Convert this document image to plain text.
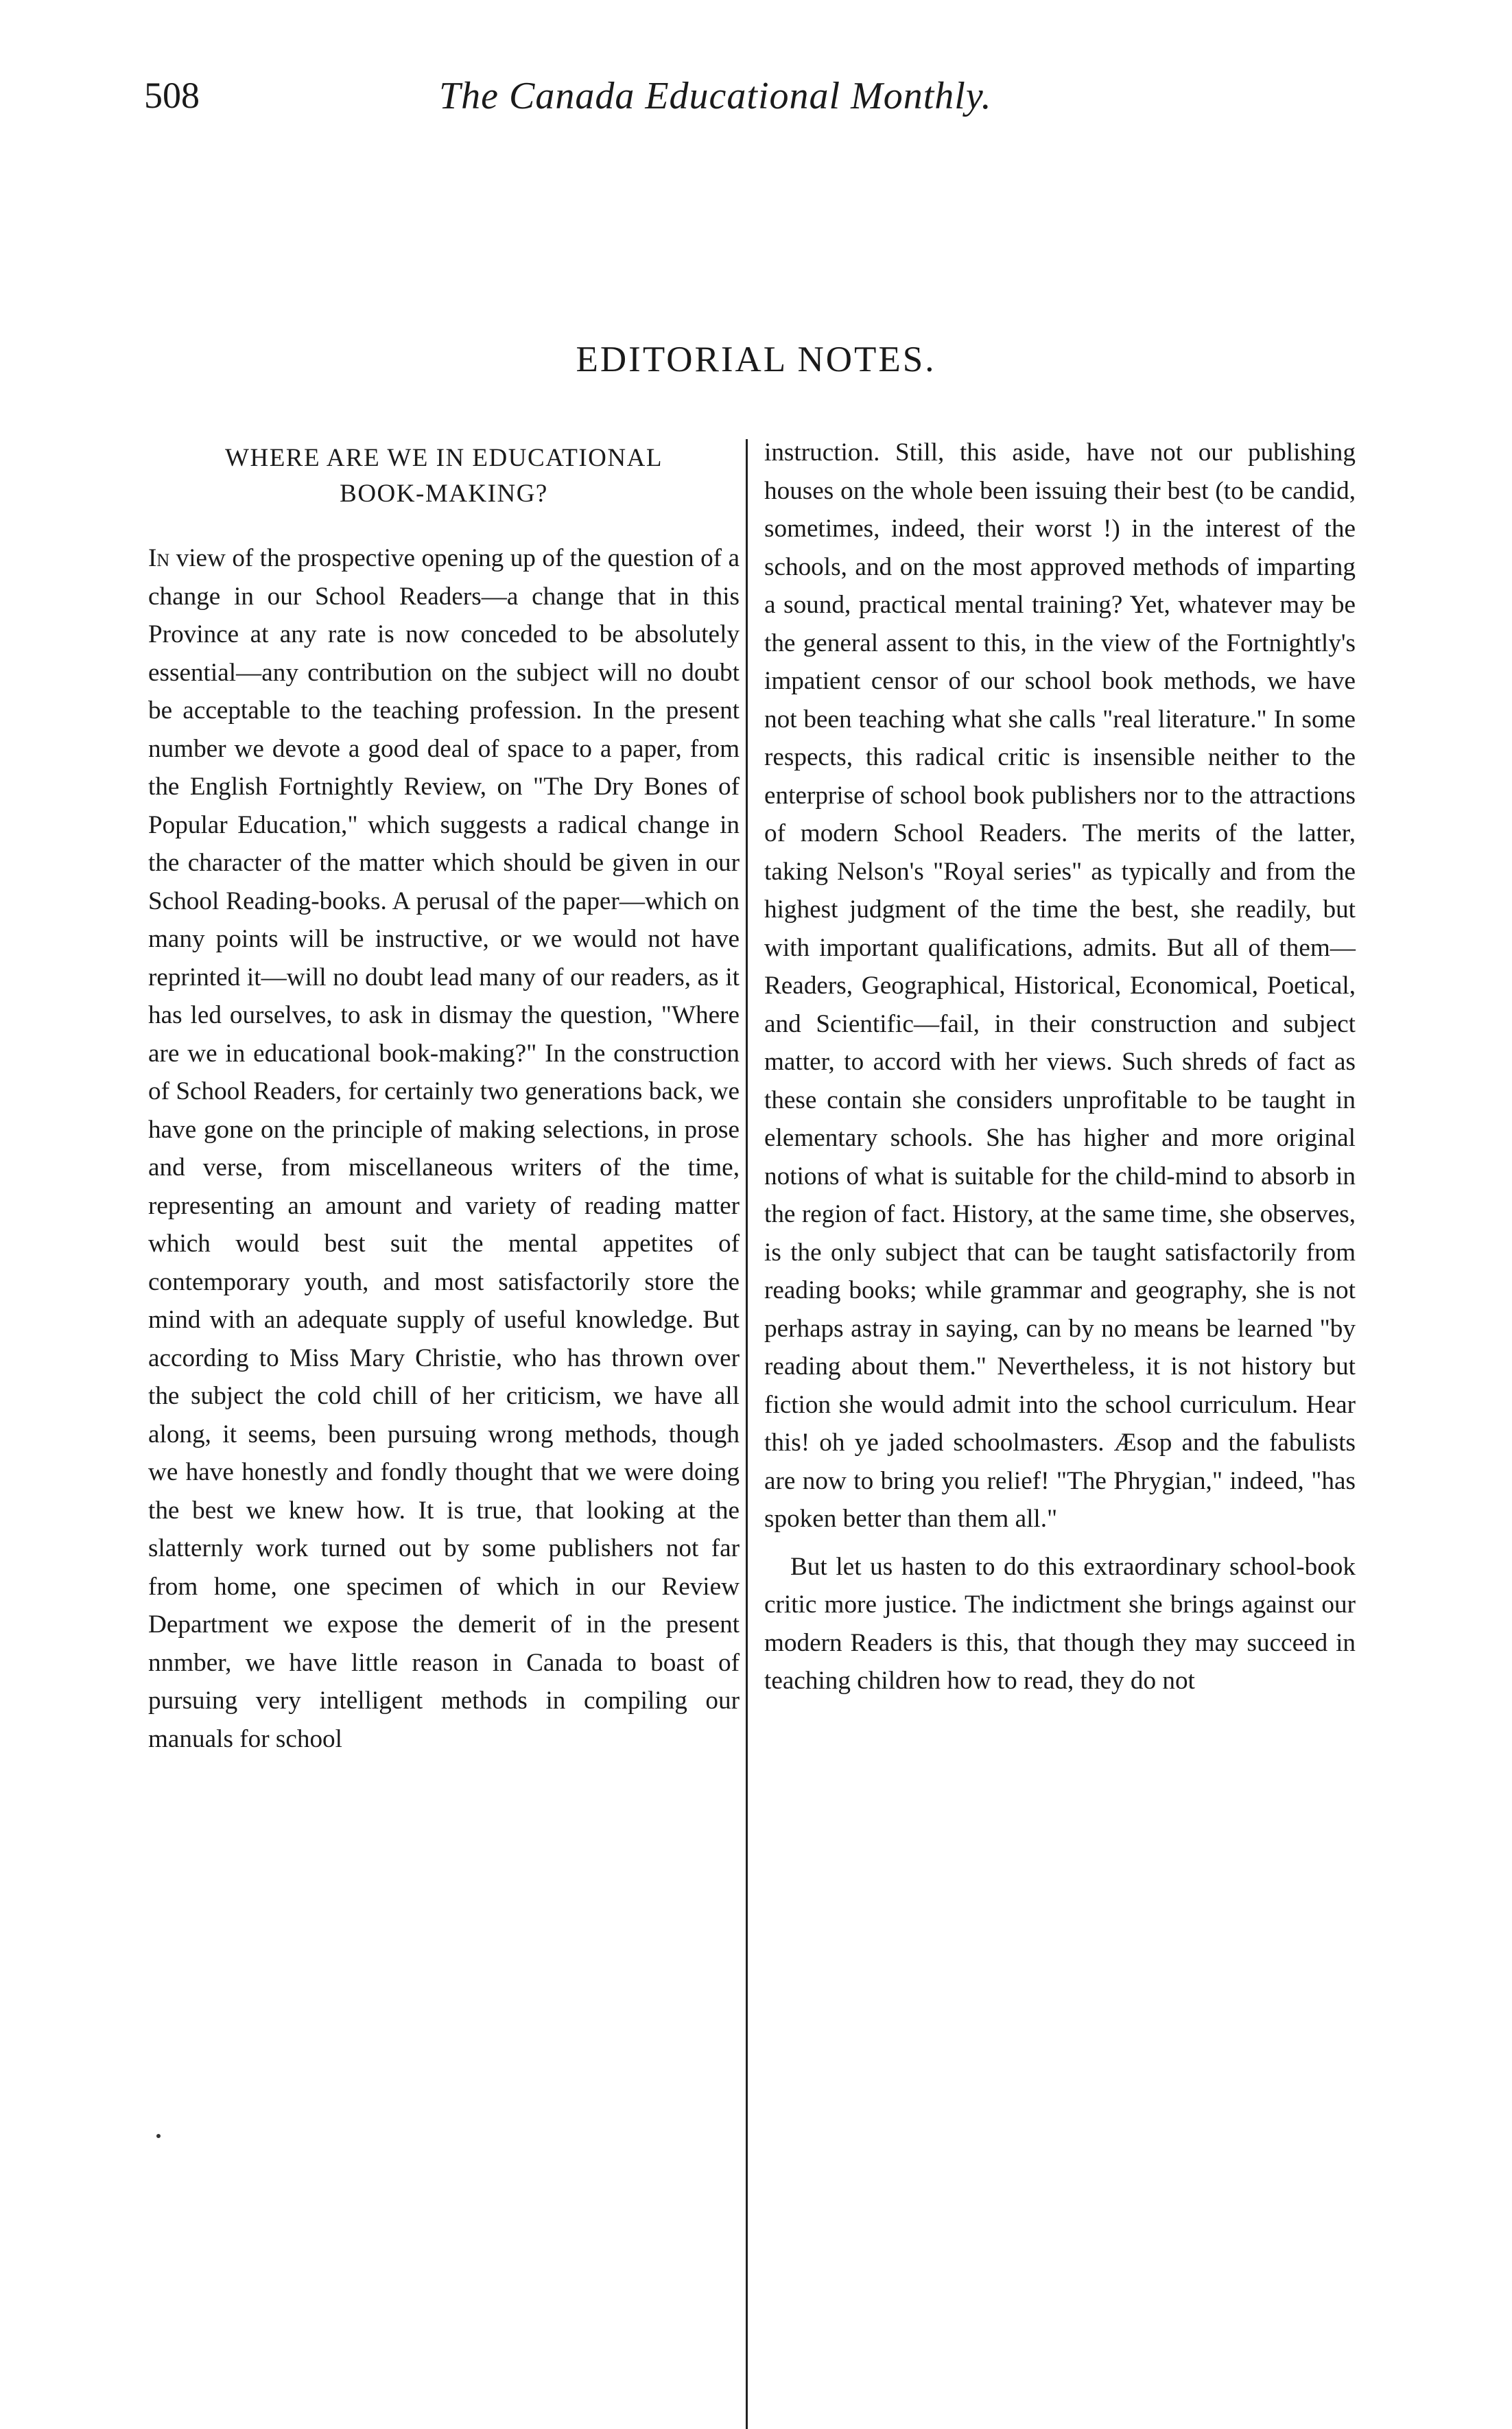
508	The Canada Educational Monthly.
EDITORIAL NOTES.
WHERE ARE WE IN EDUCATIONAL
BOOK-MAKING?

In view of the prospective opening up of the question of a change in our School Readers—a change that in this Province at any rate is now conceded to be absolutely essential—any contribution on the subject will no doubt be acceptable to the teaching profession. In the present number we devote a good deal of space to a paper, from the English Fortnightly Review, on "The Dry Bones of Popular Education," which suggests a radical change in the character of the matter which should be given in our School Reading-books. A perusal of the paper—which on many points will be instructive, or we would not have reprinted it—will no doubt lead many of our readers, as it has led ourselves, to ask in dismay the question, "Where are we in educational book-making?" In the construction of School Readers, for certainly two generations back, we have gone on the principle of making selections, in prose and verse, from miscellaneous writers of the time, representing an amount and variety of reading matter which would best suit the mental appetites of contemporary youth, and most satisfactorily store the mind with an adequate supply of useful knowledge. But according to Miss Mary Christie, who has thrown over the subject the cold chill of her criticism, we have all along, it seems, been pursuing wrong methods, though we have honestly and fondly thought that we were doing the best we knew how. It is true, that looking at the slatternly work turned out by some publishers not far from home, one specimen of which in our Review Department we expose the demerit of in the present nnmber, we have little reason in Canada to boast of pursuing very intelligent methods in compiling our manuals for school

instruction. Still, this aside, have not our publishing houses on the whole been issuing their best (to be candid, sometimes, indeed, their worst !) in the interest of the schools, and on the most approved methods of imparting a sound, practical mental training? Yet, whatever may be the general assent to this, in the view of the Fortnightly's impatient censor of our school book methods, we have not been teaching what she calls "real literature." In some respects, this radical critic is insensible neither to the enterprise of school book publishers nor to the attractions of modern School Readers. The merits of the latter, taking Nelson's "Royal series" as typically and from the highest judgment of the time the best, she readily, but with important qualifications, admits. But all of them—Readers, Geographical, Historical, Economical, Poetical, and Scientific—fail, in their construction and subject matter, to accord with her views. Such shreds of fact as these contain she considers unprofitable to be taught in elementary schools. She has higher and more original notions of what is suitable for the child-mind to absorb in the region of fact. History, at the same time, she observes, is the only subject that can be taught satisfactorily from reading books; while grammar and geography, she is not perhaps astray in saying, can by no means be learned "by reading about them." Nevertheless, it is not history but fiction she would admit into the school curriculum. Hear this! oh ye jaded schoolmasters. Æsop and the fabulists are now to bring you relief! "The Phrygian," indeed, "has spoken better than them all."

But let us hasten to do this extraordinary school-book critic more justice. The indictment she brings against our modern Readers is this, that though they may succeed in teaching children how to read, they do not
